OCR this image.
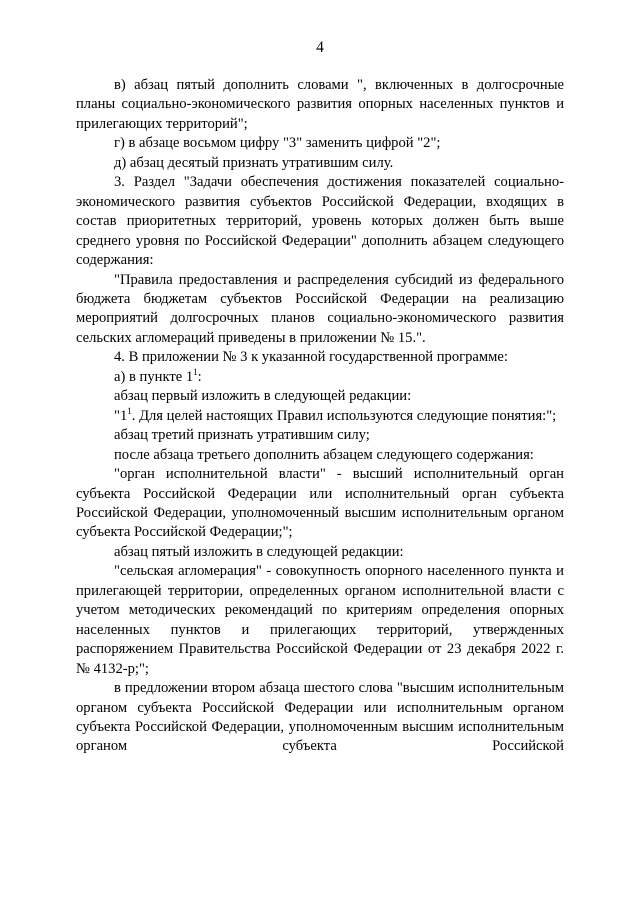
4

в) абзац пятый дополнить словами ", включенных в долгосрочные планы социально-экономического развития опорных населенных пунктов и прилегающих территорий";

г) в абзаце восьмом цифру "3" заменить цифрой "2";

д) абзац десятый признать утратившим силу.

3. Раздел "Задачи обеспечения достижения показателей социально-экономического развития субъектов Российской Федерации, входящих в состав приоритетных территорий, уровень которых должен быть выше среднего уровня по Российской Федерации" дополнить абзацем следующего содержания:

"Правила предоставления и распределения субсидий из федерального бюджета бюджетам субъектов Российской Федерации на реализацию мероприятий долгосрочных планов социально-экономического развития сельских агломераций приведены в приложении № 15.".

4. В приложении № 3 к указанной государственной программе:

а) в пункте $1^1$:

абзац первый изложить в следующей редакции:

"$1^1$. Для целей настоящих Правил используются следующие понятия:";

абзац третий признать утратившим силу;

после абзаца третьего дополнить абзацем следующего содержания:

"орган исполнительной власти" - высший исполнительный орган субъекта Российской Федерации или исполнительный орган субъекта Российской Федерации, уполномоченный высшим исполнительным органом субъекта Российской Федерации;";

абзац пятый изложить в следующей редакции:

"сельская агломерация" - совокупность опорного населенного пункта и прилегающей территории, определенных органом исполнительной власти с учетом методических рекомендаций по критериям определения опорных населенных пунктов и прилегающих территорий, утвержденных распоряжением Правительства Российской Федерации от 23 декабря 2022 г. № 4132-р;";

в предложении втором абзаца шестого слова "высшим исполнительным органом субъекта Российской Федерации или исполнительным органом субъекта Российской Федерации, уполномоченным высшим исполнительным органом субъекта Российской
